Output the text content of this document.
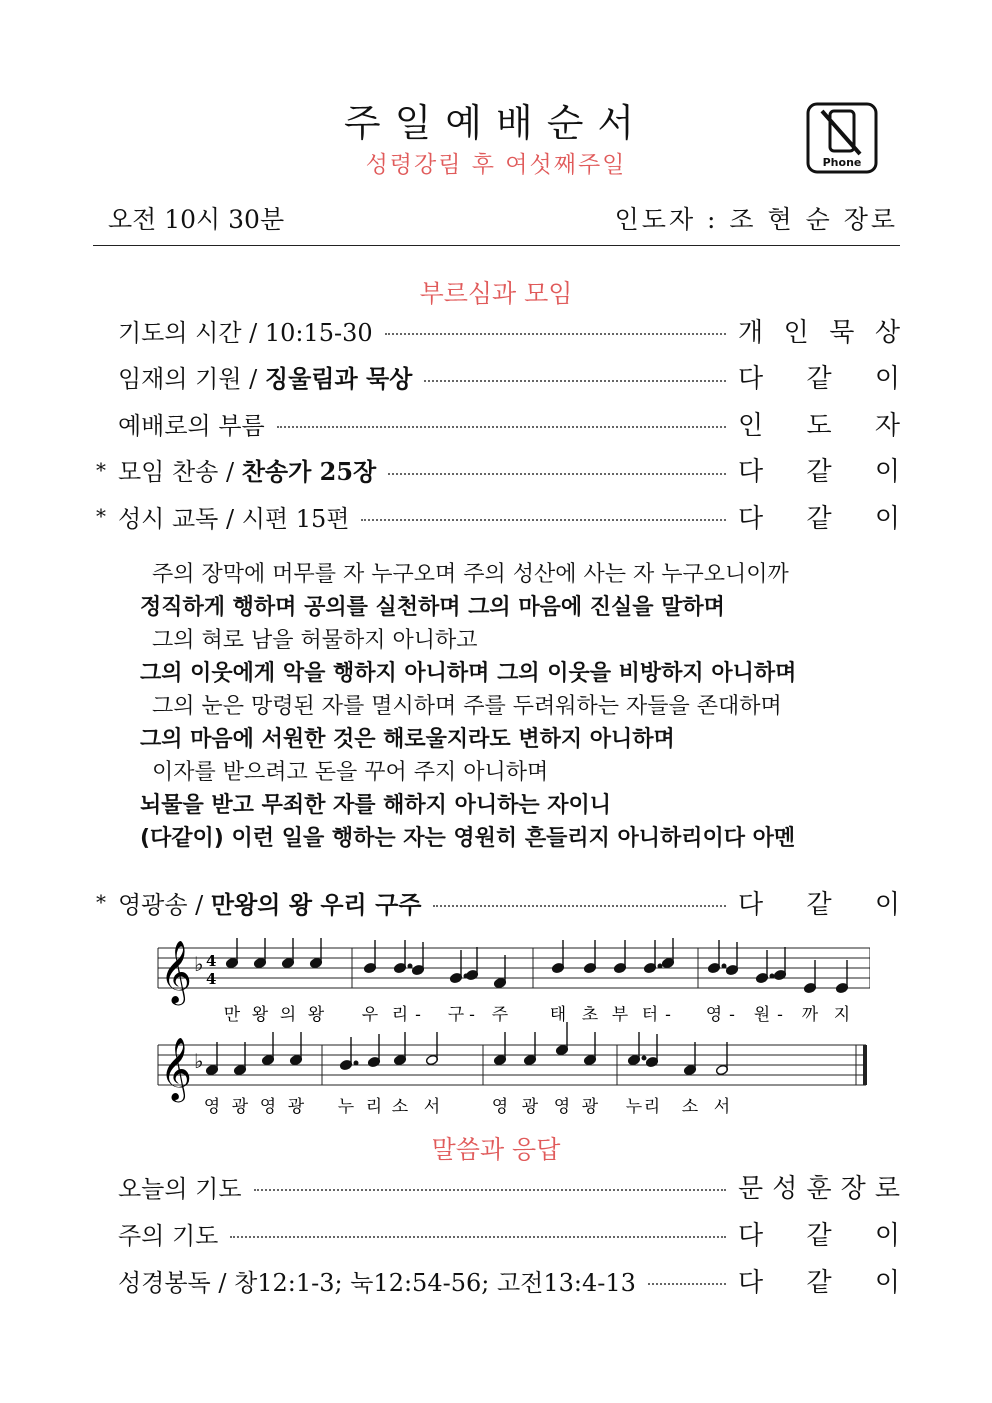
주일예배순서
성령강림 후 여섯째주일	Phone
오전 10시 30분	인도자 : 조 현 순 장로
부르심과 모임
주의 장막에 머무를 자 누구오며 주의 성산에 사는 자 누구오니이까
정직하게 행하며 공의를 실천하며 그의 마음에 진실을 말하며
그의 혀로 남을 허물하지 아니하고
그의 이웃에게 악을 행하지 아니하며 그의 이웃을 비방하지 아니하며
그의 눈은 망령된 자를 멸시하며 주를 두려워하는 자들을 존대하며
그의 마음에 서원한 것은 해로울지라도 변하지 아니하며
이자를 받으려고 돈을 꾸어 주지 아니하며
뇌물을 받고 무죄한 자를 해하지 아니하는 자이니
(다같이) 이런 일을 행하는 자는 영원히 흔들리지 아니하리이다 아멘
𝄞 ♭ 4
4
𝄞 ♭
만 왕 의 왕 우 리 - 구 - 주 태 초 부 터 - 영 - 원 - 까 지
영 광 영 광 누 리 소 서	영 광 영 광 누 리 소 서
말씀과 응답
기도의 시간 / 10:15-30	개 인 묵 상
임재의 기원 / 징울림과 묵상	다 같 이
예배로의 부름	인 도 자
* 모임 찬송 / 찬송가 25장	다 같 이
* 성시 교독 / 시편 15편	다 같 이
* 영광송 / 만왕의 왕 우리 구주	다 같 이
오늘의 기도	문 성 훈 장 로
주의 기도	다 같 이
성경봉독 / 창12:1-3; 눅12:54-56; 고전13:4-13	다 같 이
